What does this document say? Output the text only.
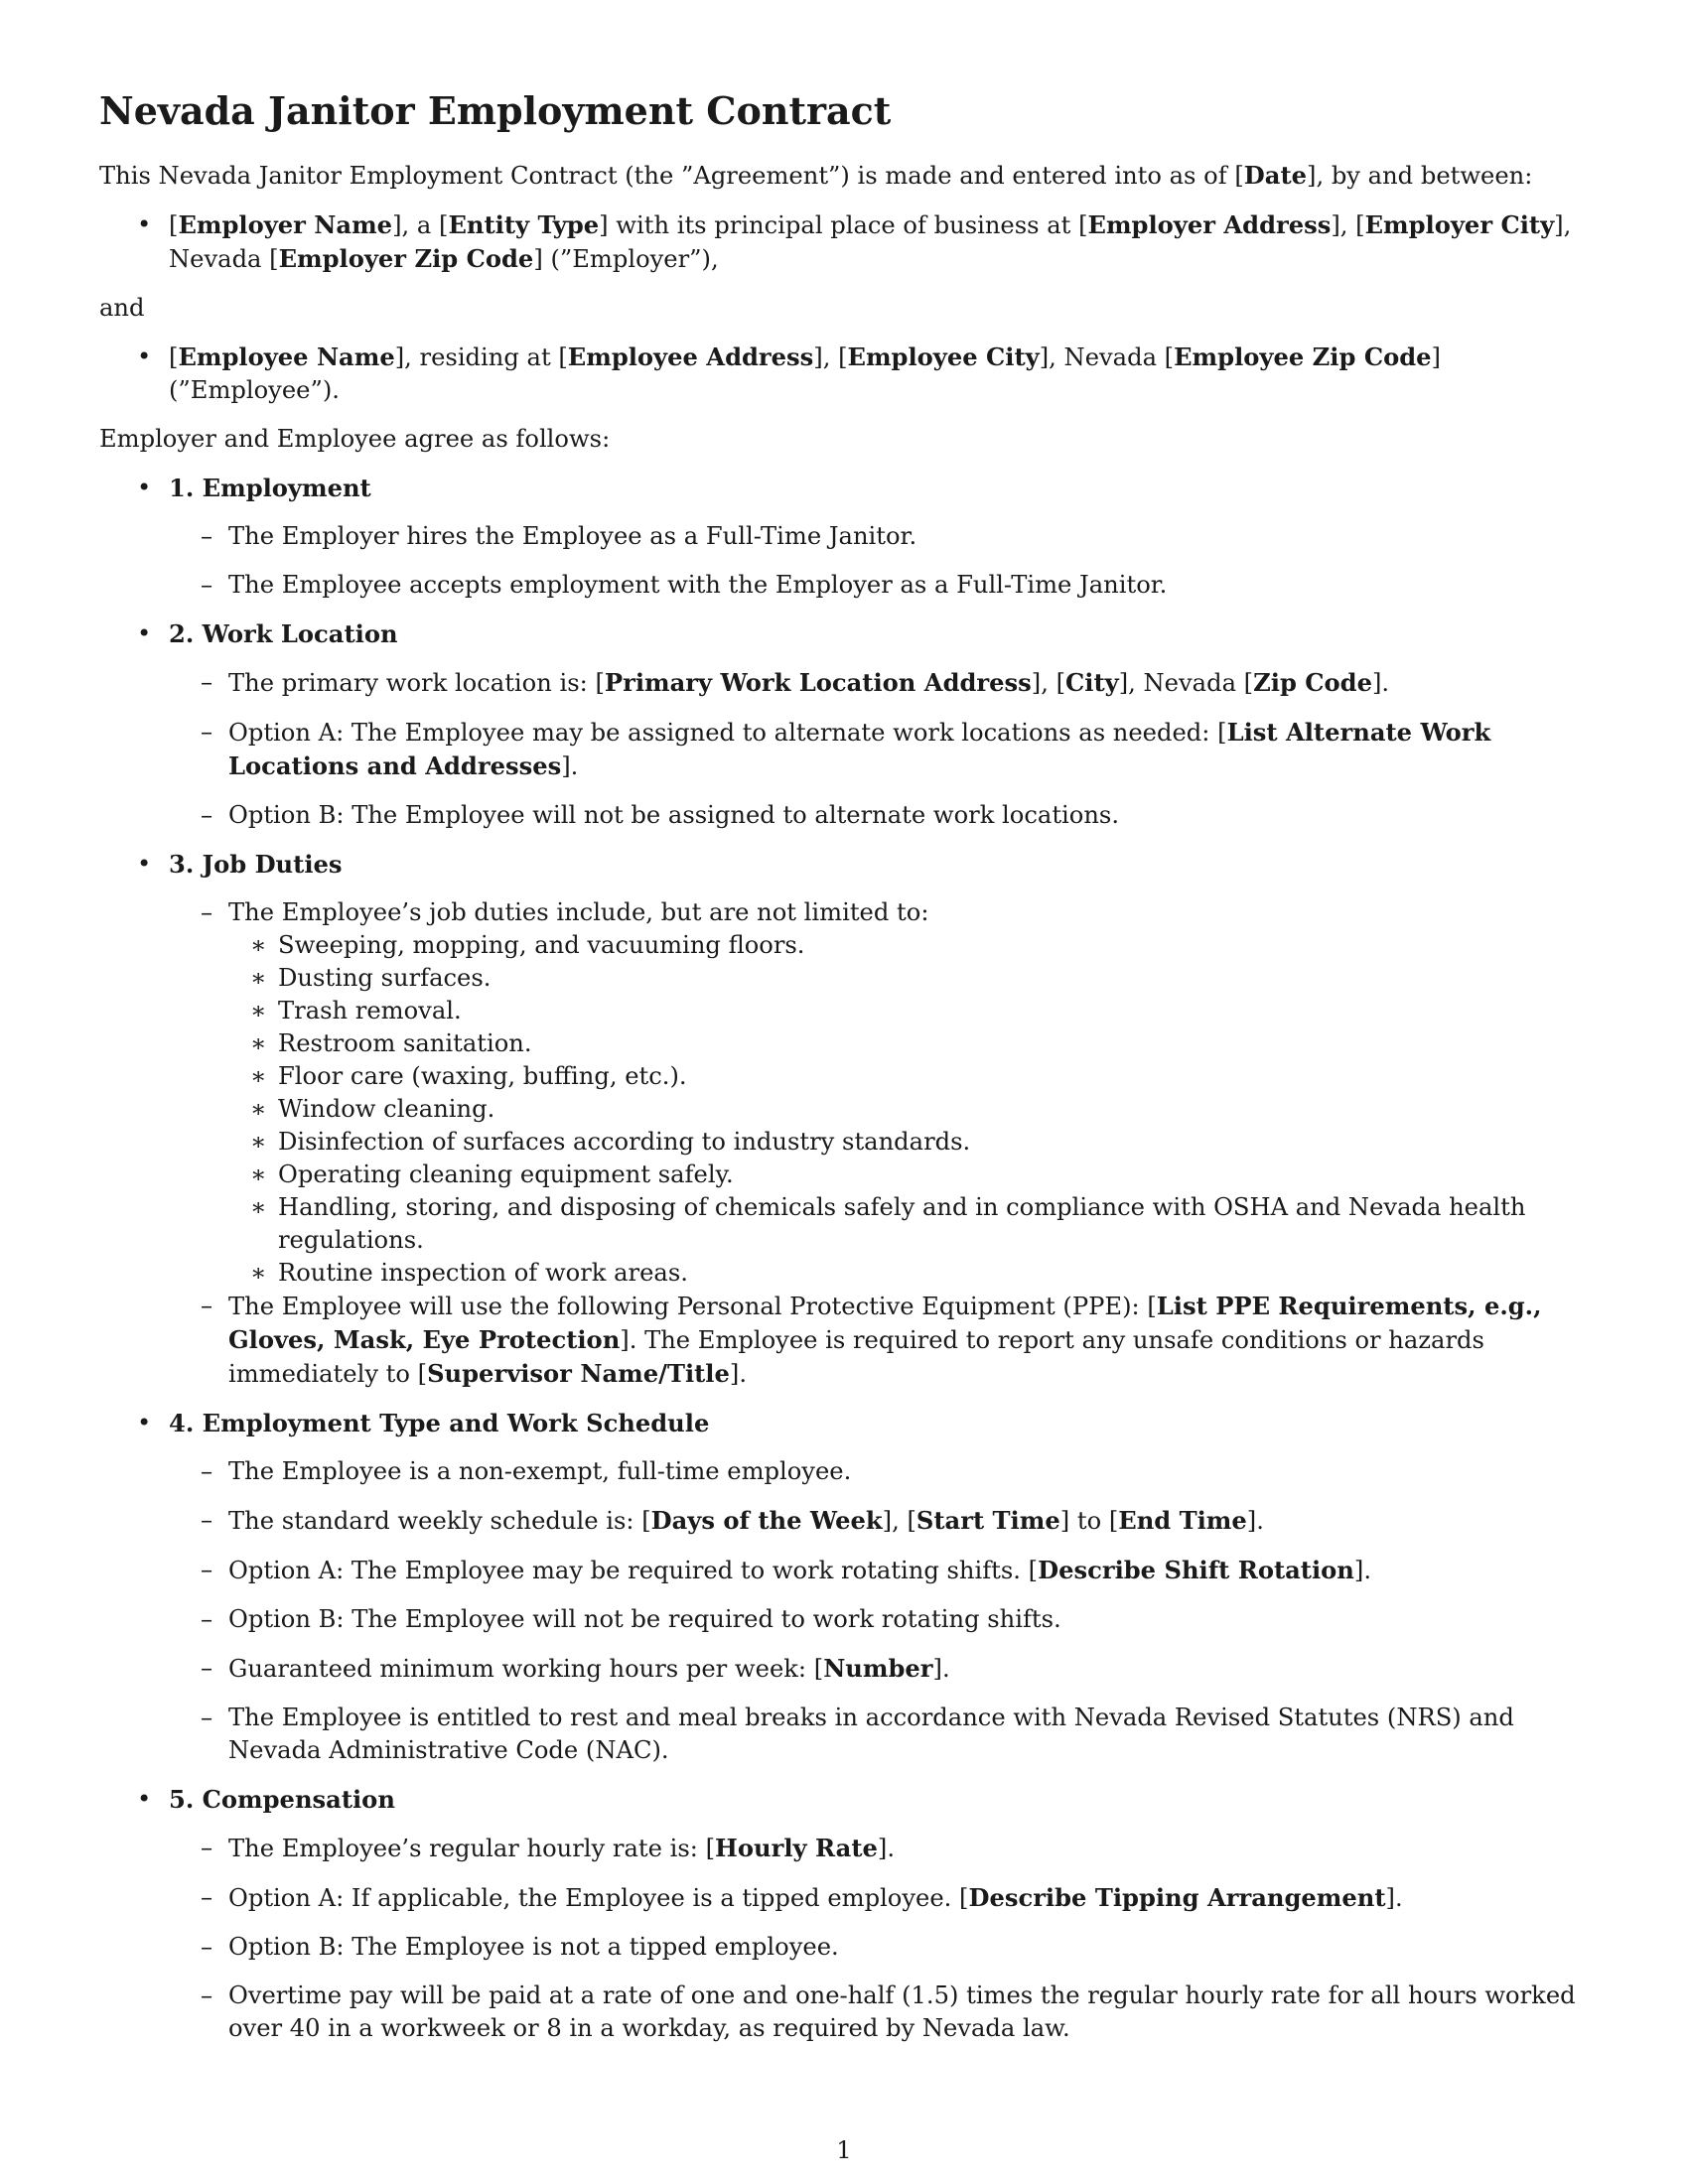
Nevada Janitor Employment Contract

This Nevada Janitor Employment Contract (the ”Agreement”) is made and entered into as of [Date], by and between:

• [Employer Name], a [Entity Type] with its principal place of business at [Employer Address], [Employer City], Nevada [Employer Zip Code] (”Employer”),

and

• [Employee Name], residing at [Employee Address], [Employee City], Nevada [Employee Zip Code] (”Employee”).

Employer and Employee agree as follows:

• 1. Employment
– The Employer hires the Employee as a Full-Time Janitor.
– The Employee accepts employment with the Employer as a Full-Time Janitor.
• 2. Work Location
– The primary work location is: [Primary Work Location Address], [City], Nevada [Zip Code].
– Option A: The Employee may be assigned to alternate work locations as needed: [List Alternate Work Locations and Addresses].
– Option B: The Employee will not be assigned to alternate work locations.
• 3. Job Duties
– The Employee’s job duties include, but are not limited to:
∗ Sweeping, mopping, and vacuuming floors.
∗ Dusting surfaces.
∗ Trash removal.
∗ Restroom sanitation.
∗ Floor care (waxing, buffing, etc.).
∗ Window cleaning.
∗ Disinfection of surfaces according to industry standards.
∗ Operating cleaning equipment safely.
∗ Handling, storing, and disposing of chemicals safely and in compliance with OSHA and Nevada health regulations.
∗ Routine inspection of work areas.
– The Employee will use the following Personal Protective Equipment (PPE): [List PPE Requirements, e.g., Gloves, Mask, Eye Protection]. The Employee is required to report any unsafe conditions or hazards immediately to [Supervisor Name/Title].
• 4. Employment Type and Work Schedule
– The Employee is a non-exempt, full-time employee.
– The standard weekly schedule is: [Days of the Week], [Start Time] to [End Time].
– Option A: The Employee may be required to work rotating shifts. [Describe Shift Rotation].
– Option B: The Employee will not be required to work rotating shifts.
– Guaranteed minimum working hours per week: [Number].
– The Employee is entitled to rest and meal breaks in accordance with Nevada Revised Statutes (NRS) and Nevada Administrative Code (NAC).
• 5. Compensation
– The Employee’s regular hourly rate is: [Hourly Rate].
– Option A: If applicable, the Employee is a tipped employee. [Describe Tipping Arrangement].
– Option B: The Employee is not a tipped employee.
– Overtime pay will be paid at a rate of one and one-half (1.5) times the regular hourly rate for all hours worked over 40 in a workweek or 8 in a workday, as required by Nevada law.
1
